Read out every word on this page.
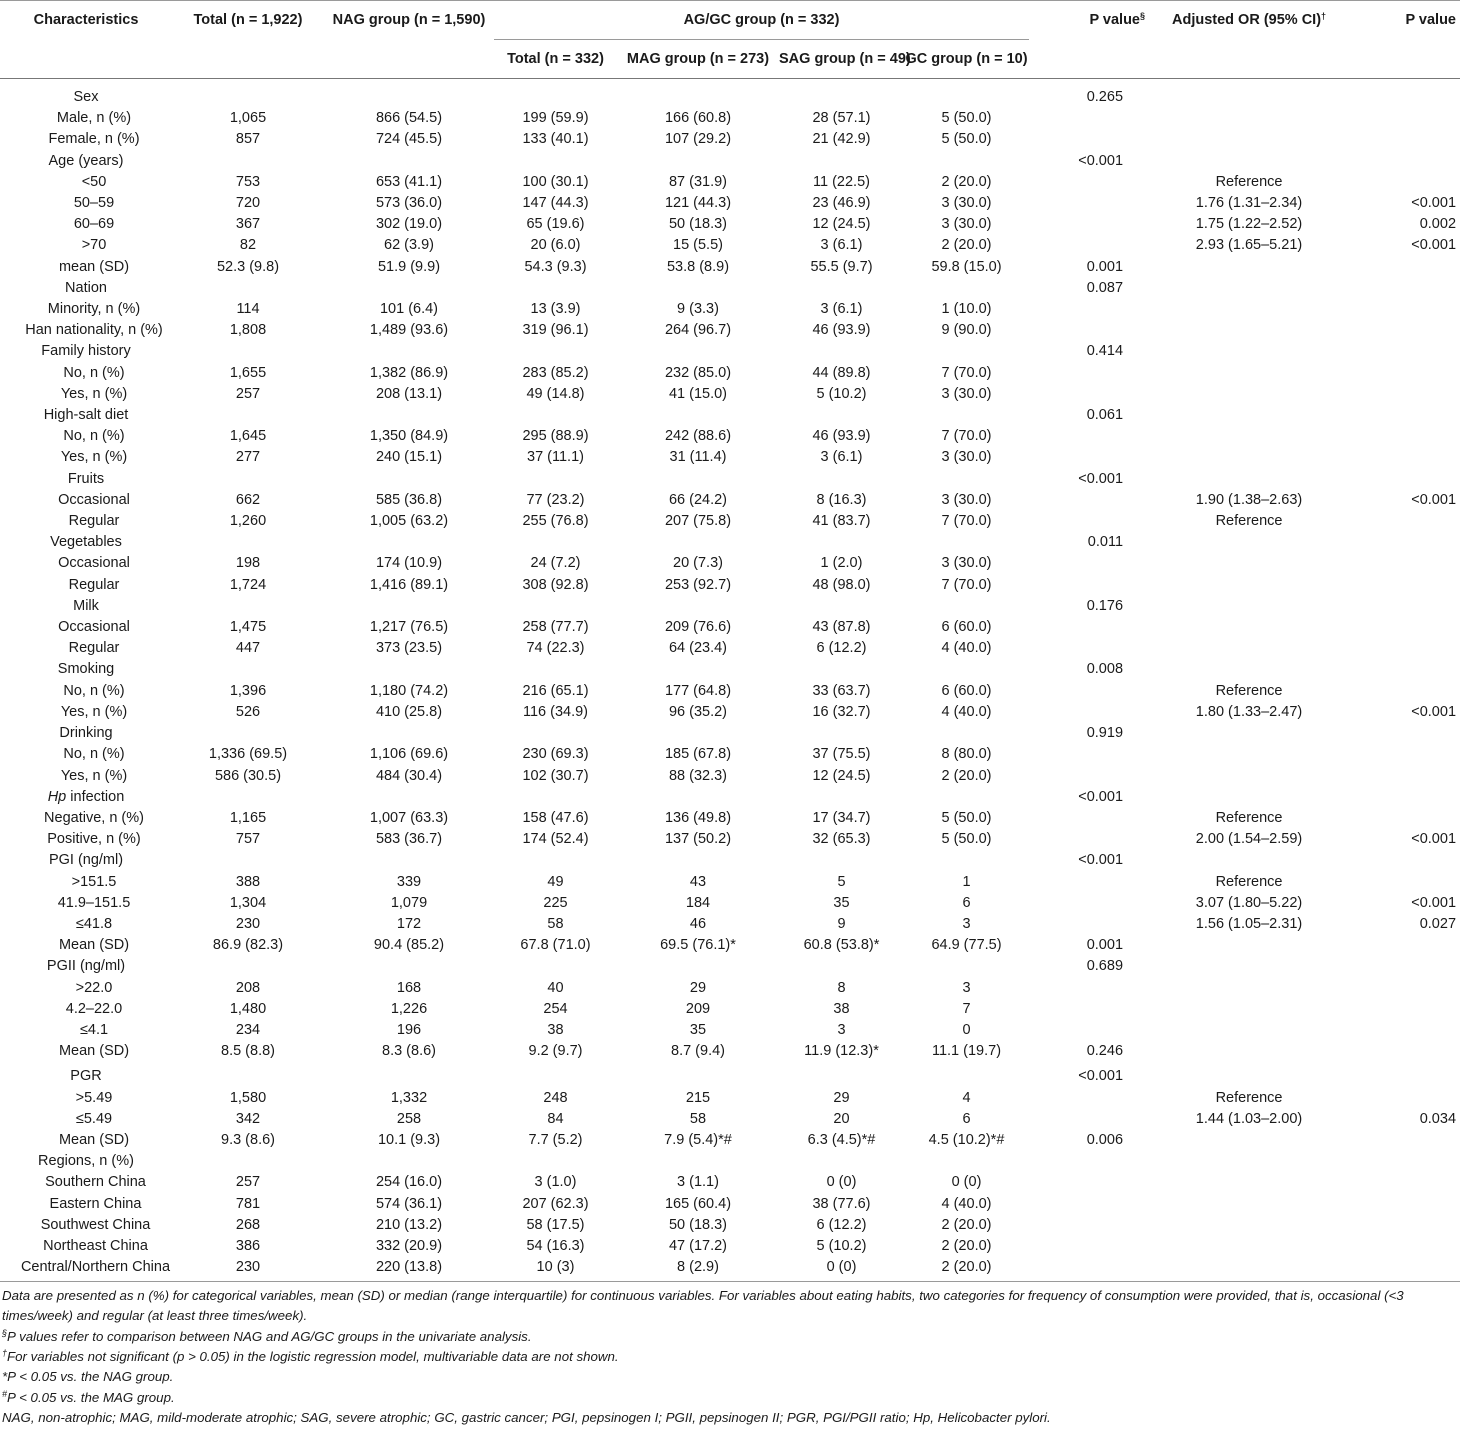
Characteristics	Total (n = 1,922)	NAG group (n = 1,590)	AG/GC group (n = 332)				P value§	Adjusted OR (95% CI)†	P value
			Total (n = 332)	MAG group (n = 273)	SAG group (n = 49)	GC group (n = 10)			
Sex							0.265		
Male, n (%)	1,065	866 (54.5)	199 (59.9)	166 (60.8)	28 (57.1)	5 (50.0)			
Female, n (%)	857	724 (45.5)	133 (40.1)	107 (29.2)	21 (42.9)	5 (50.0)			
Age (years)							<0.001		
<50	753	653 (41.1)	100 (30.1)	87 (31.9)	11 (22.5)	2 (20.0)		Reference	
50–59	720	573 (36.0)	147 (44.3)	121 (44.3)	23 (46.9)	3 (30.0)		1.76 (1.31–2.34)	<0.001
60–69	367	302 (19.0)	65 (19.6)	50 (18.3)	12 (24.5)	3 (30.0)		1.75 (1.22–2.52)	0.002
>70	82	62 (3.9)	20 (6.0)	15 (5.5)	3 (6.1)	2 (20.0)		2.93 (1.65–5.21)	<0.001
mean (SD)	52.3 (9.8)	51.9 (9.9)	54.3 (9.3)	53.8 (8.9)	55.5 (9.7)	59.8 (15.0)	0.001		
Nation							0.087		
Minority, n (%)	114	101 (6.4)	13 (3.9)	9 (3.3)	3 (6.1)	1 (10.0)			
Han nationality, n (%)	1,808	1,489 (93.6)	319 (96.1)	264 (96.7)	46 (93.9)	9 (90.0)			
Family history							0.414		
No, n (%)	1,655	1,382 (86.9)	283 (85.2)	232 (85.0)	44 (89.8)	7 (70.0)			
Yes, n (%)	257	208 (13.1)	49 (14.8)	41 (15.0)	5 (10.2)	3 (30.0)			
High-salt diet							0.061		
No, n (%)	1,645	1,350 (84.9)	295 (88.9)	242 (88.6)	46 (93.9)	7 (70.0)			
Yes, n (%)	277	240 (15.1)	37 (11.1)	31 (11.4)	3 (6.1)	3 (30.0)			
Fruits							<0.001		
Occasional	662	585 (36.8)	77 (23.2)	66 (24.2)	8 (16.3)	3 (30.0)		1.90 (1.38–2.63)	<0.001
Regular	1,260	1,005 (63.2)	255 (76.8)	207 (75.8)	41 (83.7)	7 (70.0)		Reference	
Vegetables							0.011		
Occasional	198	174 (10.9)	24 (7.2)	20 (7.3)	1 (2.0)	3 (30.0)			
Regular	1,724	1,416 (89.1)	308 (92.8)	253 (92.7)	48 (98.0)	7 (70.0)			
Milk							0.176		
Occasional	1,475	1,217 (76.5)	258 (77.7)	209 (76.6)	43 (87.8)	6 (60.0)			
Regular	447	373 (23.5)	74 (22.3)	64 (23.4)	6 (12.2)	4 (40.0)			
Smoking							0.008		
No, n (%)	1,396	1,180 (74.2)	216 (65.1)	177 (64.8)	33 (63.7)	6 (60.0)		Reference	
Yes, n (%)	526	410 (25.8)	116 (34.9)	96 (35.2)	16 (32.7)	4 (40.0)		1.80 (1.33–2.47)	<0.001
Drinking							0.919		
No, n (%)	1,336 (69.5)	1,106 (69.6)	230 (69.3)	185 (67.8)	37 (75.5)	8 (80.0)			
Yes, n (%)	586 (30.5)	484 (30.4)	102 (30.7)	88 (32.3)	12 (24.5)	2 (20.0)			
Hp infection							<0.001		
Negative, n (%)	1,165	1,007 (63.3)	158 (47.6)	136 (49.8)	17 (34.7)	5 (50.0)		Reference	
Positive, n (%)	757	583 (36.7)	174 (52.4)	137 (50.2)	32 (65.3)	5 (50.0)		2.00 (1.54–2.59)	<0.001
PGI (ng/ml)							<0.001		
>151.5	388	339	49	43	5	1		Reference	
41.9–151.5	1,304	1,079	225	184	35	6		3.07 (1.80–5.22)	<0.001
≤41.8	230	172	58	46	9	3		1.56 (1.05–2.31)	0.027
Mean (SD)	86.9 (82.3)	90.4 (85.2)	67.8 (71.0)	69.5 (76.1)*	60.8 (53.8)*	64.9 (77.5)	0.001		
PGII (ng/ml)							0.689		
>22.0	208	168	40	29	8	3			
4.2–22.0	1,480	1,226	254	209	38	7			
≤4.1	234	196	38	35	3	0			
Mean (SD)	8.5 (8.8)	8.3 (8.6)	9.2 (9.7)	8.7 (9.4)	11.9 (12.3)*	11.1 (19.7)	0.246		
PGR							<0.001		
>5.49	1,580	1,332	248	215	29	4		Reference	
≤5.49	342	258	84	58	20	6		1.44 (1.03–2.00)	0.034
Mean (SD)	9.3 (8.6)	10.1 (9.3)	7.7 (5.2)	7.9 (5.4)*#	6.3 (4.5)*#	4.5 (10.2)*#	0.006		
Regions, n (%)									
Southern China	257	254 (16.0)	3 (1.0)	3 (1.1)	0 (0)	0 (0)			
Eastern China	781	574 (36.1)	207 (62.3)	165 (60.4)	38 (77.6)	4 (40.0)			
Southwest China	268	210 (13.2)	58 (17.5)	50 (18.3)	6 (12.2)	2 (20.0)			
Northeast China	386	332 (20.9)	54 (16.3)	47 (17.2)	5 (10.2)	2 (20.0)			
Central/Northern China	230	220 (13.8)	10 (3)	8 (2.9)	0 (0)	2 (20.0)			

Data are presented as n (%) for categorical variables, mean (SD) or median (range interquartile) for continuous variables. For variables about eating habits, two categories for frequency of consumption were provided, that is, occasional (<3 times/week) and regular (at least three times/week).

§P values refer to comparison between NAG and AG/GC groups in the univariate analysis.

†For variables not significant (p > 0.05) in the logistic regression model, multivariable data are not shown.

*P < 0.05 vs. the NAG group.

#P < 0.05 vs. the MAG group.

NAG, non-atrophic; MAG, mild-moderate atrophic; SAG, severe atrophic; GC, gastric cancer; PGI, pepsinogen I; PGII, pepsinogen II; PGR, PGI/PGII ratio; Hp, Helicobacter pylori.
